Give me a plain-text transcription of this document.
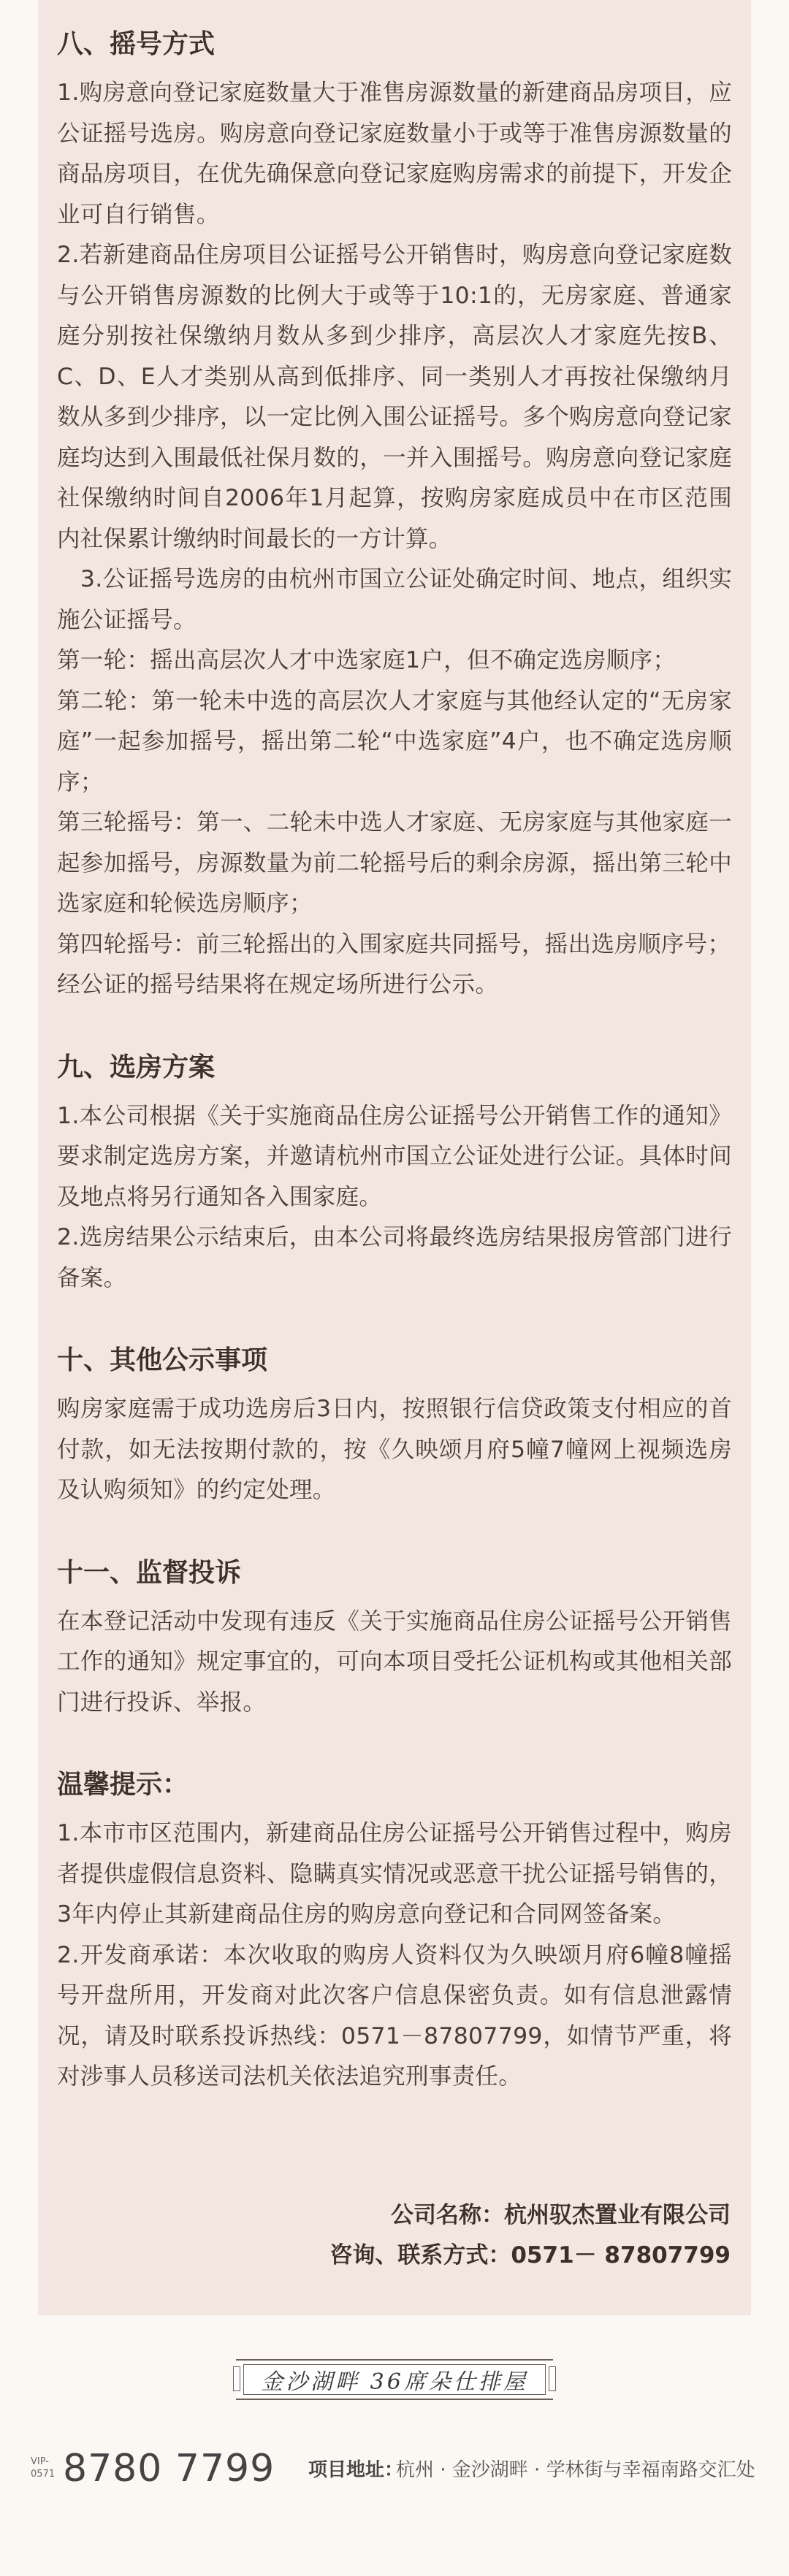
八、摇号方式

1.购房意向登记家庭数量大于准售房源数量的新建商品房项目，应公证摇号选房。购房意向登记家庭数量小于或等于准售房源数量的商品房项目，在优先确保意向登记家庭购房需求的前提下，开发企业可自行销售。

2.若新建商品住房项目公证摇号公开销售时，购房意向登记家庭数与公开销售房源数的比例大于或等于10:1的，无房家庭、普通家庭分别按社保缴纳月数从多到少排序，高层次人才家庭先按B、C、D、E人才类别从高到低排序、同一类别人才再按社保缴纳月数从多到少排序，以一定比例入围公证摇号。多个购房意向登记家庭均达到入围最低社保月数的，一并入围摇号。购房意向登记家庭社保缴纳时间自2006年1月起算，按购房家庭成员中在市区范围内社保累计缴纳时间最长的一方计算。

　3.公证摇号选房的由杭州市国立公证处确定时间、地点，组织实施公证摇号。

第一轮：摇出高层次人才中选家庭1户，但不确定选房顺序；

第二轮：第一轮未中选的高层次人才家庭与其他经认定的“无房家庭”一起参加摇号，摇出第二轮“中选家庭”4户，也不确定选房顺序；

第三轮摇号：第一、二轮未中选人才家庭、无房家庭与其他家庭一起参加摇号，房源数量为前二轮摇号后的剩余房源，摇出第三轮中选家庭和轮候选房顺序；

第四轮摇号：前三轮摇出的入围家庭共同摇号，摇出选房顺序号；

经公证的摇号结果将在规定场所进行公示。

九、选房方案

1.本公司根据《关于实施商品住房公证摇号公开销售工作的通知》要求制定选房方案，并邀请杭州市国立公证处进行公证。具体时间及地点将另行通知各入围家庭。

2.选房结果公示结束后，由本公司将最终选房结果报房管部门进行备案。

十、其他公示事项

购房家庭需于成功选房后3日内，按照银行信贷政策支付相应的首付款，如无法按期付款的，按《久映颂月府5幢7幢网上视频选房及认购须知》的约定处理。

十一、监督投诉

在本登记活动中发现有违反《关于实施商品住房公证摇号公开销售工作的通知》规定事宜的，可向本项目受托公证机构或其他相关部门进行投诉、举报。

温馨提示：

1.本市市区范围内，新建商品住房公证摇号公开销售过程中，购房者提供虚假信息资料、隐瞒真实情况或恶意干扰公证摇号销售的，3年内停止其新建商品住房的购房意向登记和合同网签备案。

2.开发商承诺：本次收取的购房人资料仅为久映颂月府6幢8幢摇号开盘所用，开发商对此次客户信息保密负责。如有信息泄露情况，请及时联系投诉热线：0571－87807799，如情节严重，将对涉事人员移送司法机关依法追究刑事责任。

公司名称：杭州驭杰置业有限公司
咨询、联系方式：0571－ 87807799
金沙湖畔 36席朵仕排屋
VIP-
0571 8780 7799 项目地址：
杭州 · 金沙湖畔 · 学林街与幸福南路交汇处
